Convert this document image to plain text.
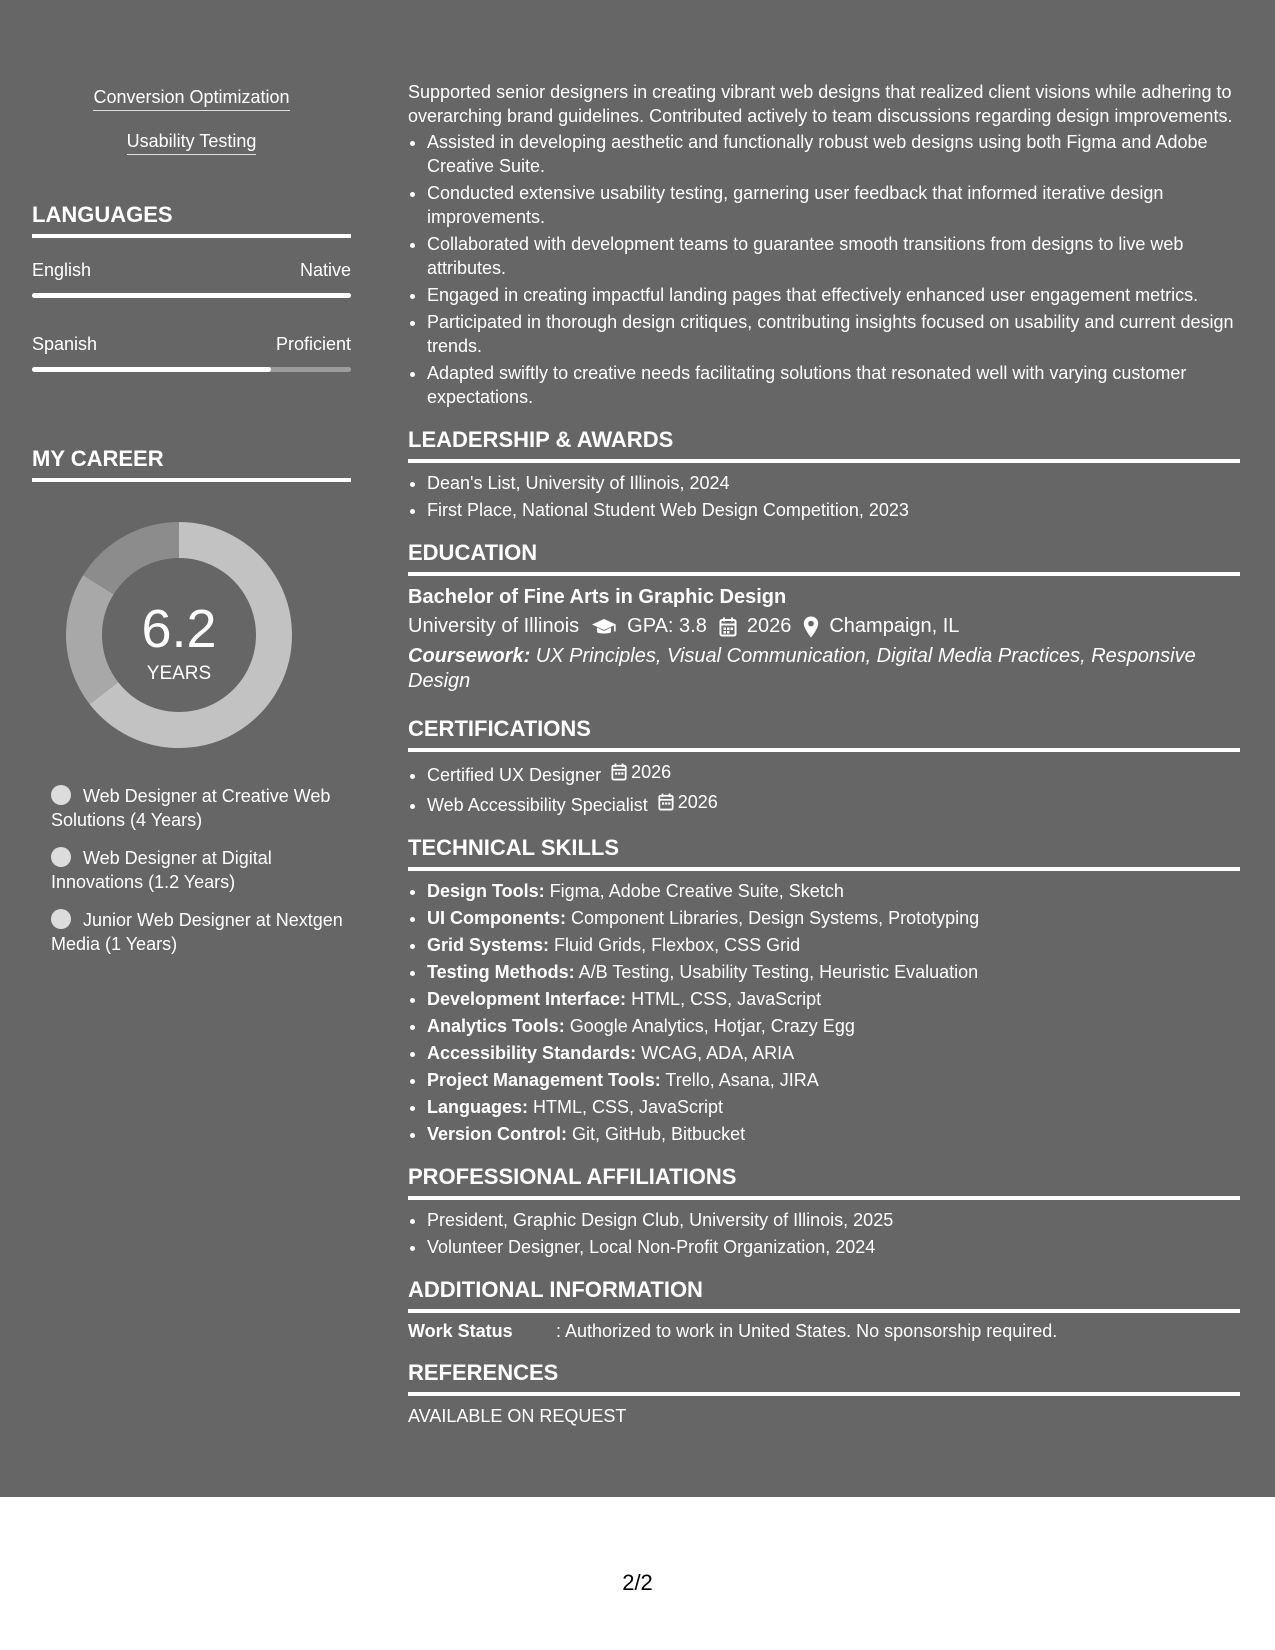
Conversion Optimization
Usability Testing
LANGUAGES
English	Native
Spanish	Proficient
MY CAREER
6.2
YEARS
Web Designer at Creative Web Solutions (4 Years)
Web Designer at Digital Innovations (1.2 Years)
Junior Web Designer at Nextgen Media (1 Years)
Supported senior designers in creating vibrant web designs that realized client visions while adhering to overarching brand guidelines. Contributed actively to team discussions regarding design improvements.
• Assisted in developing aesthetic and functionally robust web designs using both Figma and Adobe Creative Suite.
• Conducted extensive usability testing, garnering user feedback that informed iterative design improvements.
• Collaborated with development teams to guarantee smooth transitions from designs to live web attributes.
• Engaged in creating impactful landing pages that effectively enhanced user engagement metrics.
• Participated in thorough design critiques, contributing insights focused on usability and current design trends.
• Adapted swiftly to creative needs facilitating solutions that resonated well with varying customer expectations.
LEADERSHIP & AWARDS
• Dean's List, University of Illinois, 2024
• First Place, National Student Web Design Competition, 2023
EDUCATION
Bachelor of Fine Arts in Graphic Design
University of Illinois GPA: 3.8 2026 Champaign, IL
Coursework: UX Principles, Visual Communication, Digital Media Practices, Responsive Design
CERTIFICATIONS
• Certified UX Designer 2026
• Web Accessibility Specialist 2026
TECHNICAL SKILLS
• Design Tools: Figma, Adobe Creative Suite, Sketch
• UI Components: Component Libraries, Design Systems, Prototyping
• Grid Systems: Fluid Grids, Flexbox, CSS Grid
• Testing Methods: A/B Testing, Usability Testing, Heuristic Evaluation
• Development Interface: HTML, CSS, JavaScript
• Analytics Tools: Google Analytics, Hotjar, Crazy Egg
• Accessibility Standards: WCAG, ADA, ARIA
• Project Management Tools: Trello, Asana, JIRA
• Languages: HTML, CSS, JavaScript
• Version Control: Git, GitHub, Bitbucket
PROFESSIONAL AFFILIATIONS
• President, Graphic Design Club, University of Illinois, 2025
• Volunteer Designer, Local Non-Profit Organization, 2024
ADDITIONAL INFORMATION
Work Status	: Authorized to work in United States. No sponsorship required.
REFERENCES
AVAILABLE ON REQUEST
2/2
